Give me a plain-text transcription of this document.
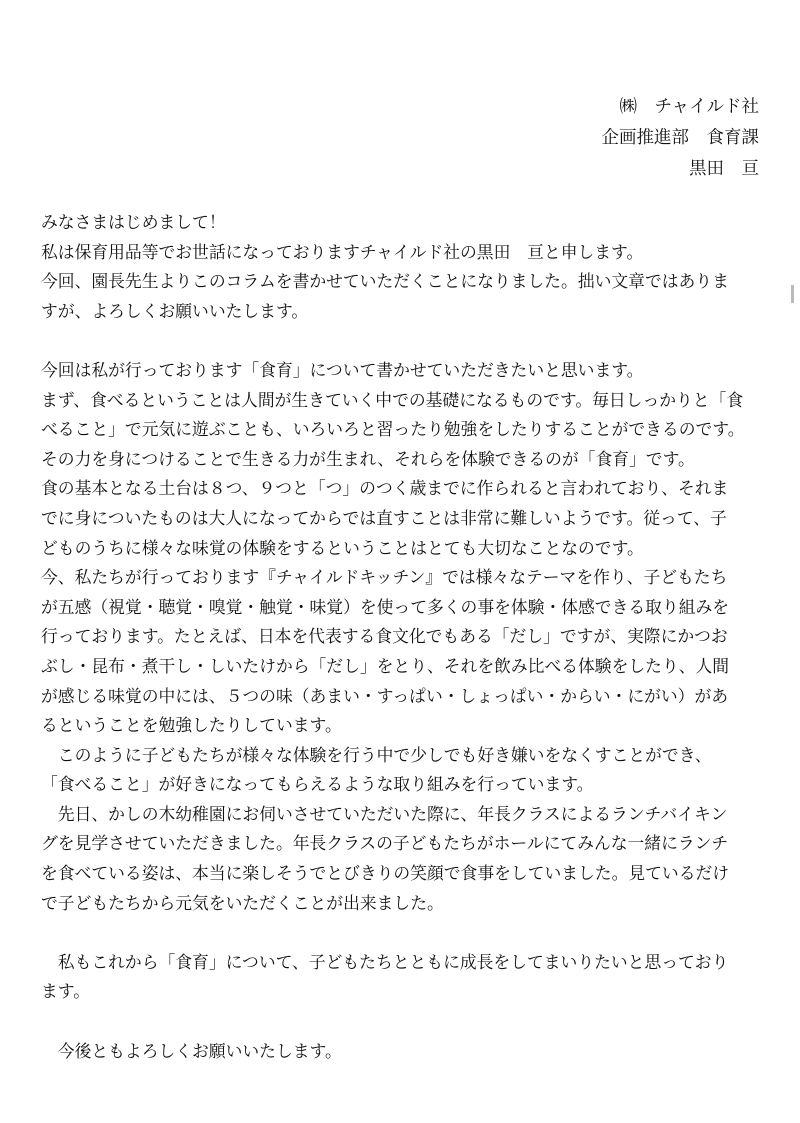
㈱　チャイルド社
企画推進部　食育課
黒田　亘
みなさまはじめまして！
私は保育用品等でお世話になっておりますチャイルド社の黒田　亘と申します。
今回、園長先生よりこのコラムを書かせていただくことになりました。拙い文章ではありま
すが、よろしくお願いいたします。
今回は私が行っております「食育」について書かせていただきたいと思います。
まず、食べるということは人間が生きていく中での基礎になるものです。毎日しっかりと「食
べること」で元気に遊ぶことも、いろいろと習ったり勉強をしたりすることができるのです。
その力を身につけることで生きる力が生まれ、それらを体験できるのが「食育」です。
食の基本となる土台は８つ、９つと「つ」のつく歳までに作られると言われており、それま
でに身についたものは大人になってからでは直すことは非常に難しいようです。従って、子
どものうちに様々な味覚の体験をするということはとても大切なことなのです。
今、私たちが行っております『チャイルドキッチン』では様々なテーマを作り、子どもたち
が五感（視覚・聴覚・嗅覚・触覚・味覚）を使って多くの事を体験・体感できる取り組みを
行っております。たとえば、日本を代表する食文化でもある「だし」ですが、実際にかつお
ぶし・昆布・煮干し・しいたけから「だし」をとり、それを飲み比べる体験をしたり、人間
が感じる味覚の中には、５つの味（あまい・すっぱい・しょっぱい・からい・にがい）があ
るということを勉強したりしています。
　このように子どもたちが様々な体験を行う中で少しでも好き嫌いをなくすことができ、
「食べること」が好きになってもらえるような取り組みを行っています。
　先日、かしの木幼稚園にお伺いさせていただいた際に、年長クラスによるランチバイキン
グを見学させていただきました。年長クラスの子どもたちがホールにてみんな一緒にランチ
を食べている姿は、本当に楽しそうでとびきりの笑顔で食事をしていました。見ているだけ
で子どもたちから元気をいただくことが出来ました。
　私もこれから「食育」について、子どもたちとともに成長をしてまいりたいと思っており
ます。
　今後ともよろしくお願いいたします。
